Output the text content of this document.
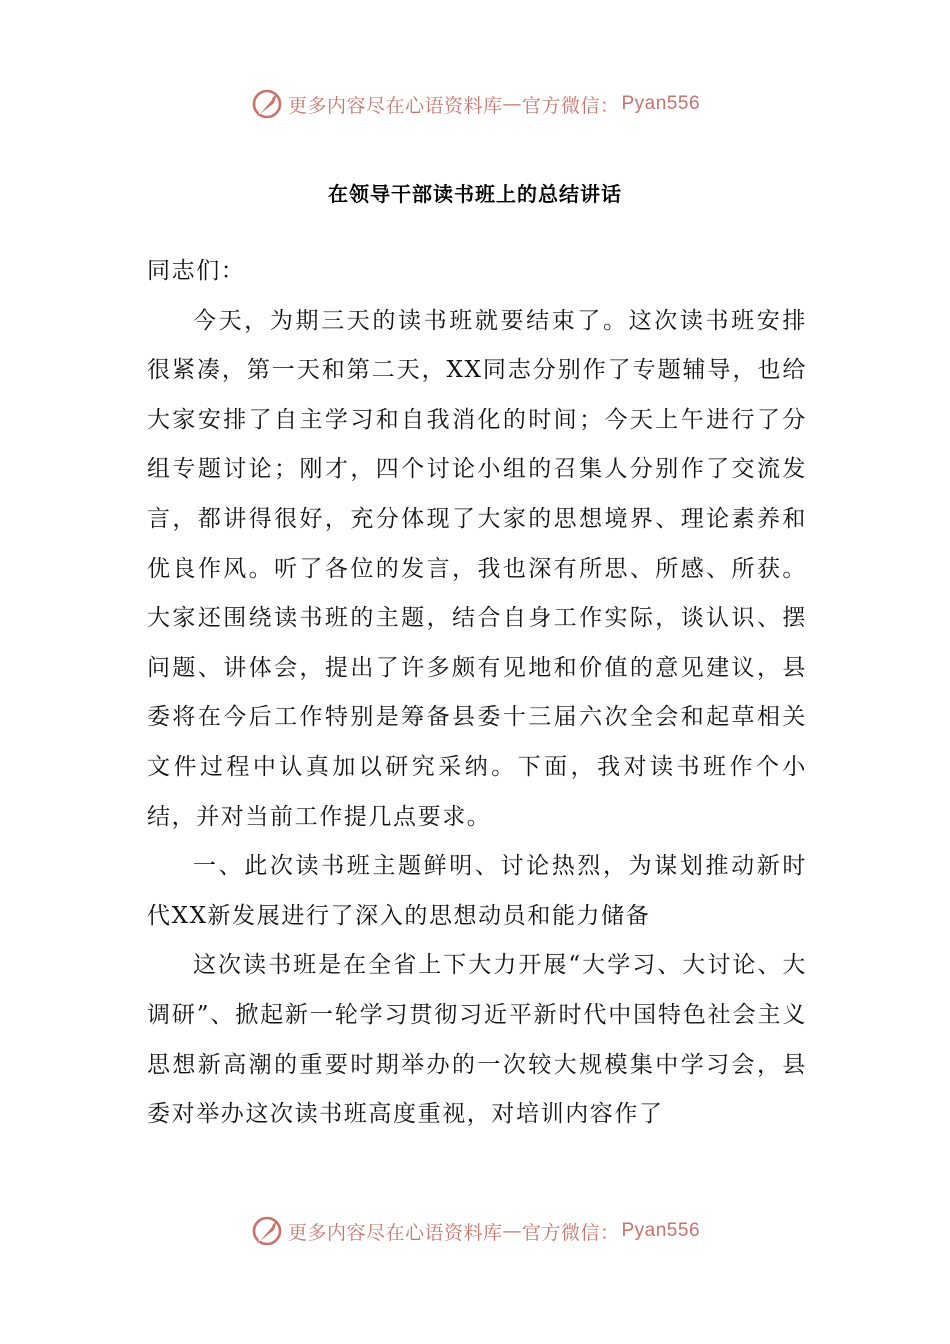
更多内容尽在心语资料库 — 官方微信： Pyan556
在领导干部读书班上的总结讲话

同志们：

今天，为期三天的读书班就要结束了。这次读书班安排很紧凑，第一天和第二天，XX同志分别作了专题辅导，也给大家安排了自主学习和自我消化的时间；今天上午进行了分组专题讨论；刚才，四个讨论小组的召集人分别作了交流发言，都讲得很好，充分体现了大家的思想境界、理论素养和优良作风。听了各位的发言，我也深有所思、所感、所获。大家还围绕读书班的主题，结合自身工作实际，谈认识、摆问题、讲体会，提出了许多颇有见地和价值的意见建议，县委将在今后工作特别是筹备县委十三届六次全会和起草相关文件过程中认真加以研究采纳。下面，我对读书班作个小结，并对当前工作提几点要求。

一、此次读书班主题鲜明、讨论热烈，为谋划推动新时代XX新发展进行了深入的思想动员和能力储备

这次读书班是在全省上下大力开展“大学习、大讨论、大调研”、掀起新一轮学习贯彻习近平新时代中国特色社会主义思想新高潮的重要时期举办的一次较大规模集中学习会，县委对举办这次读书班高度重视，对培训内容作了

更多内容尽在心语资料库 — 官方微信： Pyan556
